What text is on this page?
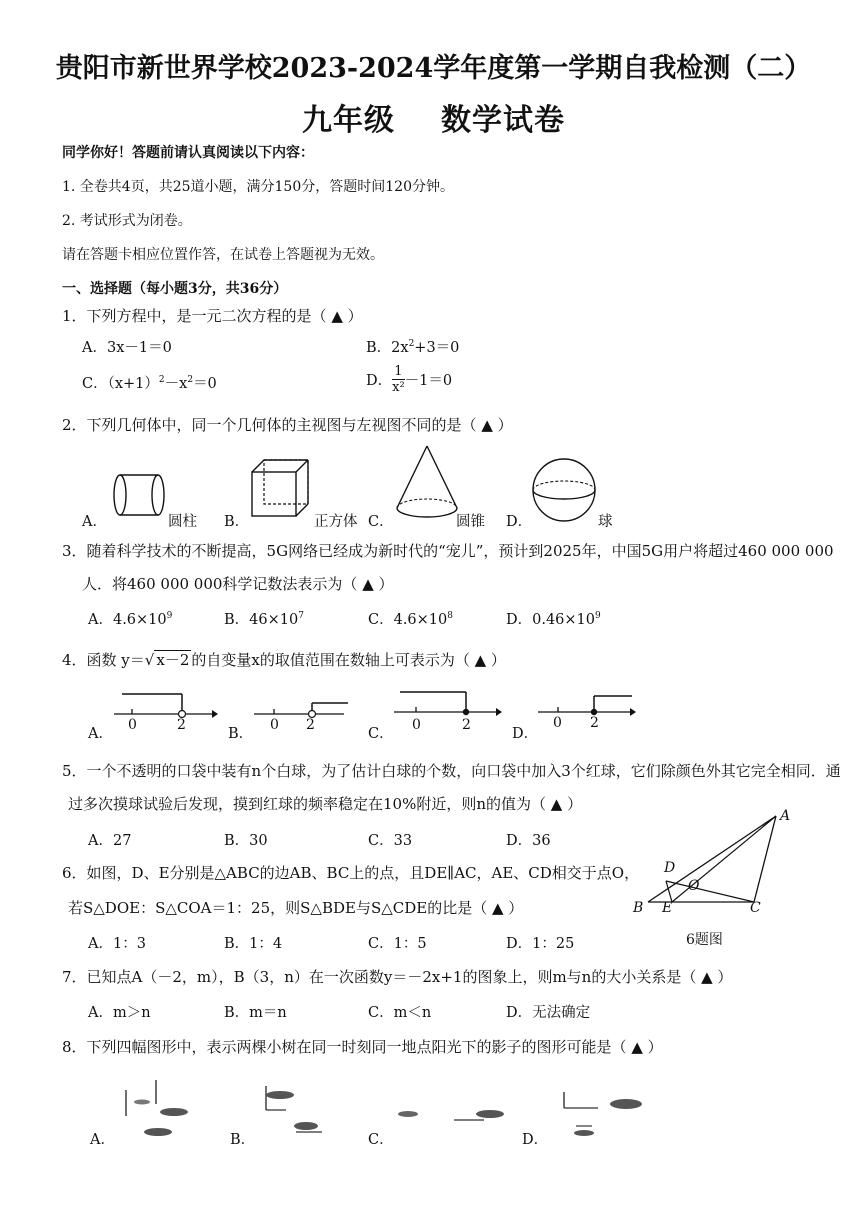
贵阳市新世界学校2023-2024学年度第一学期自我检测（二）
九年级 数学试卷
同学你好！答题前请认真阅读以下内容：
1. 全卷共4页，共25道小题，满分150分，答题时间120分钟。
2. 考试形式为闭卷。
请在答题卡相应位置作答，在试卷上答题视为无效。
一、选择题（每小题3分，共36分）
1．下列方程中，是一元二次方程的是（ ▲ ）
A．3x－1＝0	B．$2x^2+3=0$
C．$(x+1)^2-x^2=0$	D． $\frac{1}{\text{x²}} -1=0$
2．下列几何体中，同一个几何体的主视图与左视图不同的是（ ▲ ）
A．	圆柱 B．	正方体 C．	圆锥 D．	球
3．随着科学技术的不断提高，5G网络已经成为新时代的“宠儿”，预计到2025年，中国5G用户将超过460 000 000
人．将460 000 000科学记数法表示为（ ▲ ）
A．$4.6\times 10^9$	B．$46\times 10^7$	C．$4.6\times 10^8$	D．$0.46\times 10^9$
4．函数 y＝√ x－2 的自变量x的取值范围在数轴上可表示为（ ▲ ）
A．
0	2
B．
0 2
C．
0	2
D．
0 2
5．一个不透明的口袋中装有n个白球，为了估计白球的个数，向口袋中加入3个红球，它们除颜色外其它完全相同．通
过多次摸球试验后发现，摸到红球的频率稳定在10%附近，则n的值为（ ▲ ）
A．27	B．30	C．33	D．36
6．如图，D、E分别是△ABC的边AB、BC上的点，且DE∥AC，AE、CD相交于点O，
若S△DOE：S△COA＝1：25，则S△BDE与S△CDE的比是（ ▲ ）
A．1：3	B．1：4	C．1：5	D．1：25
A
B	C
D
E
O
6题图
7．已知点A（－2，m），B（3，n）在一次函数y＝－2x+1的图象上，则m与n的大小关系是（ ▲ ）
A．m＞n	B．m＝n	C．m＜n	D．无法确定
8．下列四幅图形中，表示两棵小树在同一时刻同一地点阳光下的影子的图形可能是（ ▲ ）
A．	B．	C．	D．
